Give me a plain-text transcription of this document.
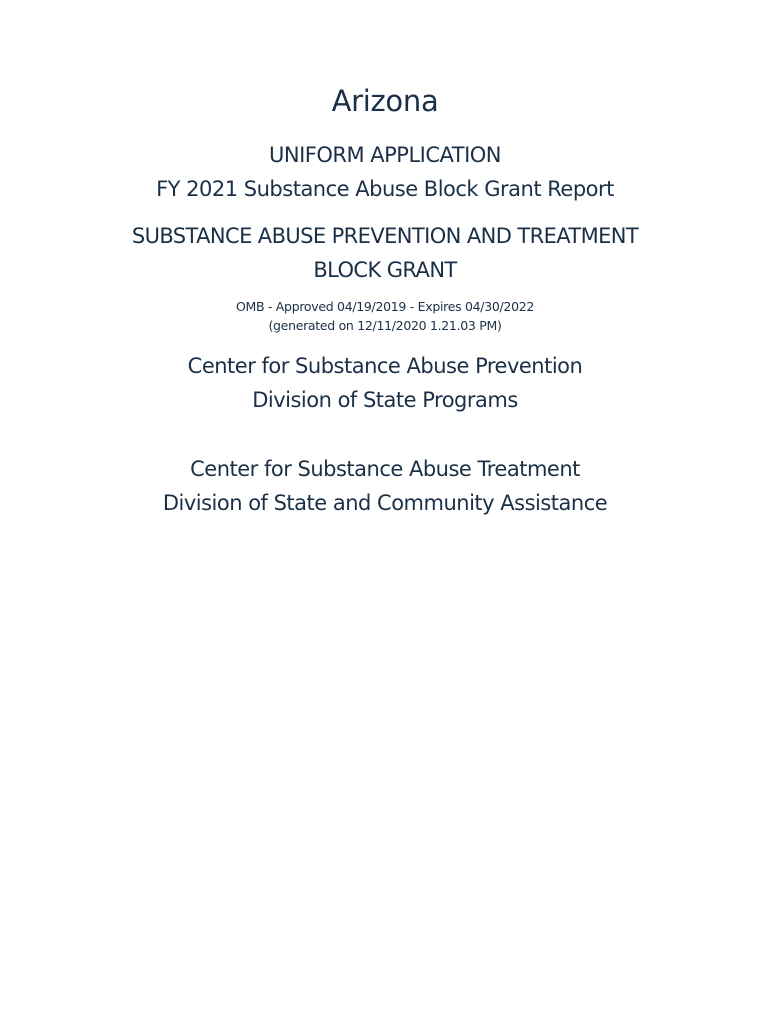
Arizona
UNIFORM APPLICATION
FY 2021 Substance Abuse Block Grant Report
SUBSTANCE ABUSE PREVENTION AND TREATMENT
BLOCK GRANT
OMB - Approved 04/19/2019 - Expires 04/30/2022
(generated on 12/11/2020 1.21.03 PM)
Center for Substance Abuse Prevention
Division of State Programs
Center for Substance Abuse Treatment
Division of State and Community Assistance
